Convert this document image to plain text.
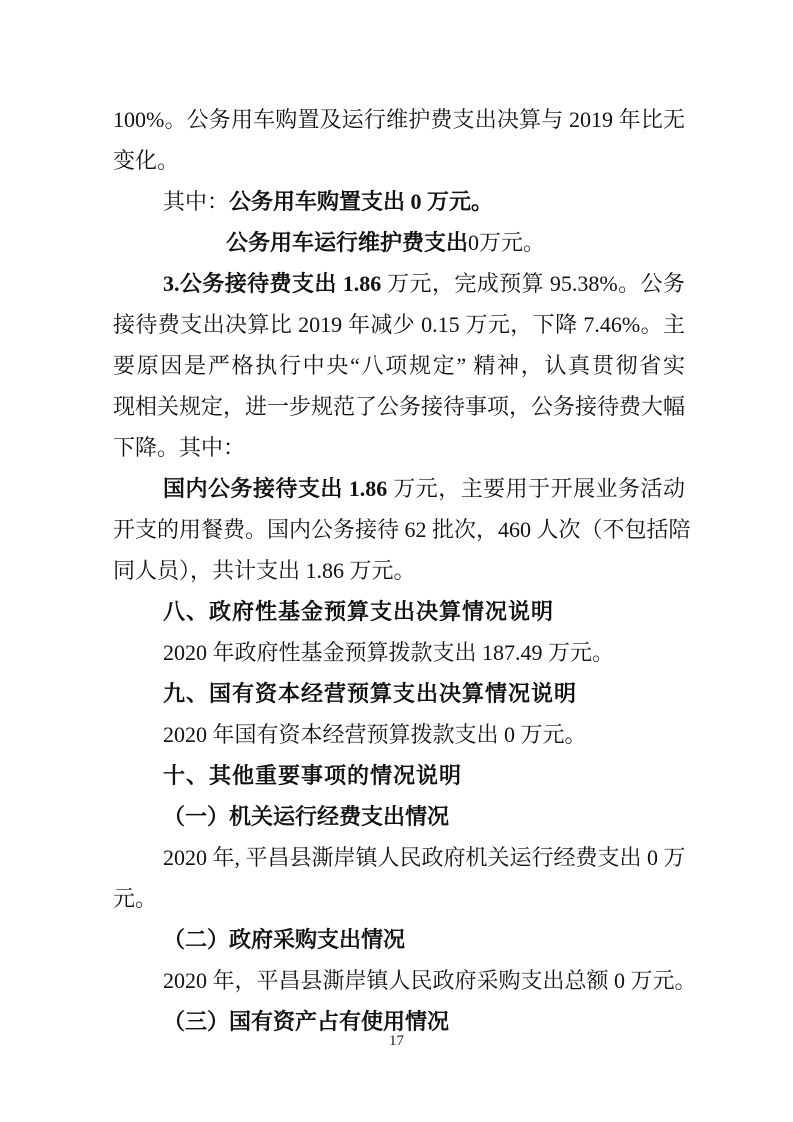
100%。公务用车购置及运行维护费支出决算与 2019 年比无
变化。
其中：公务用车购置支出 0 万元。
公务用车运行维护费支出0万元。
3.公务接待费支出 1.86 万元，完成预算 95.38%。公务
接待费支出决算比 2019 年减少 0.15 万元，下降 7.46%。主
要原因是严格执行中央“八项规定” 精神，认真贯彻省实
现相关规定，进一步规范了公务接待事项，公务接待费大幅
下降。其中：
国内公务接待支出 1.86 万元，主要用于开展业务活动
开支的用餐费。国内公务接待 62 批次，460 人次（不包括陪
同人员），共计支出 1.86 万元。
八、政府性基金预算支出决算情况说明
2020 年政府性基金预算拨款支出 187.49 万元。
九、国有资本经营预算支出决算情况说明
2020 年国有资本经营预算拨款支出 0 万元。
十、其他重要事项的情况说明
（一）机关运行经费支出情况
2020 年, 平昌县澌岸镇人民政府机关运行经费支出 0 万
元。
（二）政府采购支出情况
2020 年，平昌县澌岸镇人民政府采购支出总额 0 万元。
（三）国有资产占有使用情况
17
